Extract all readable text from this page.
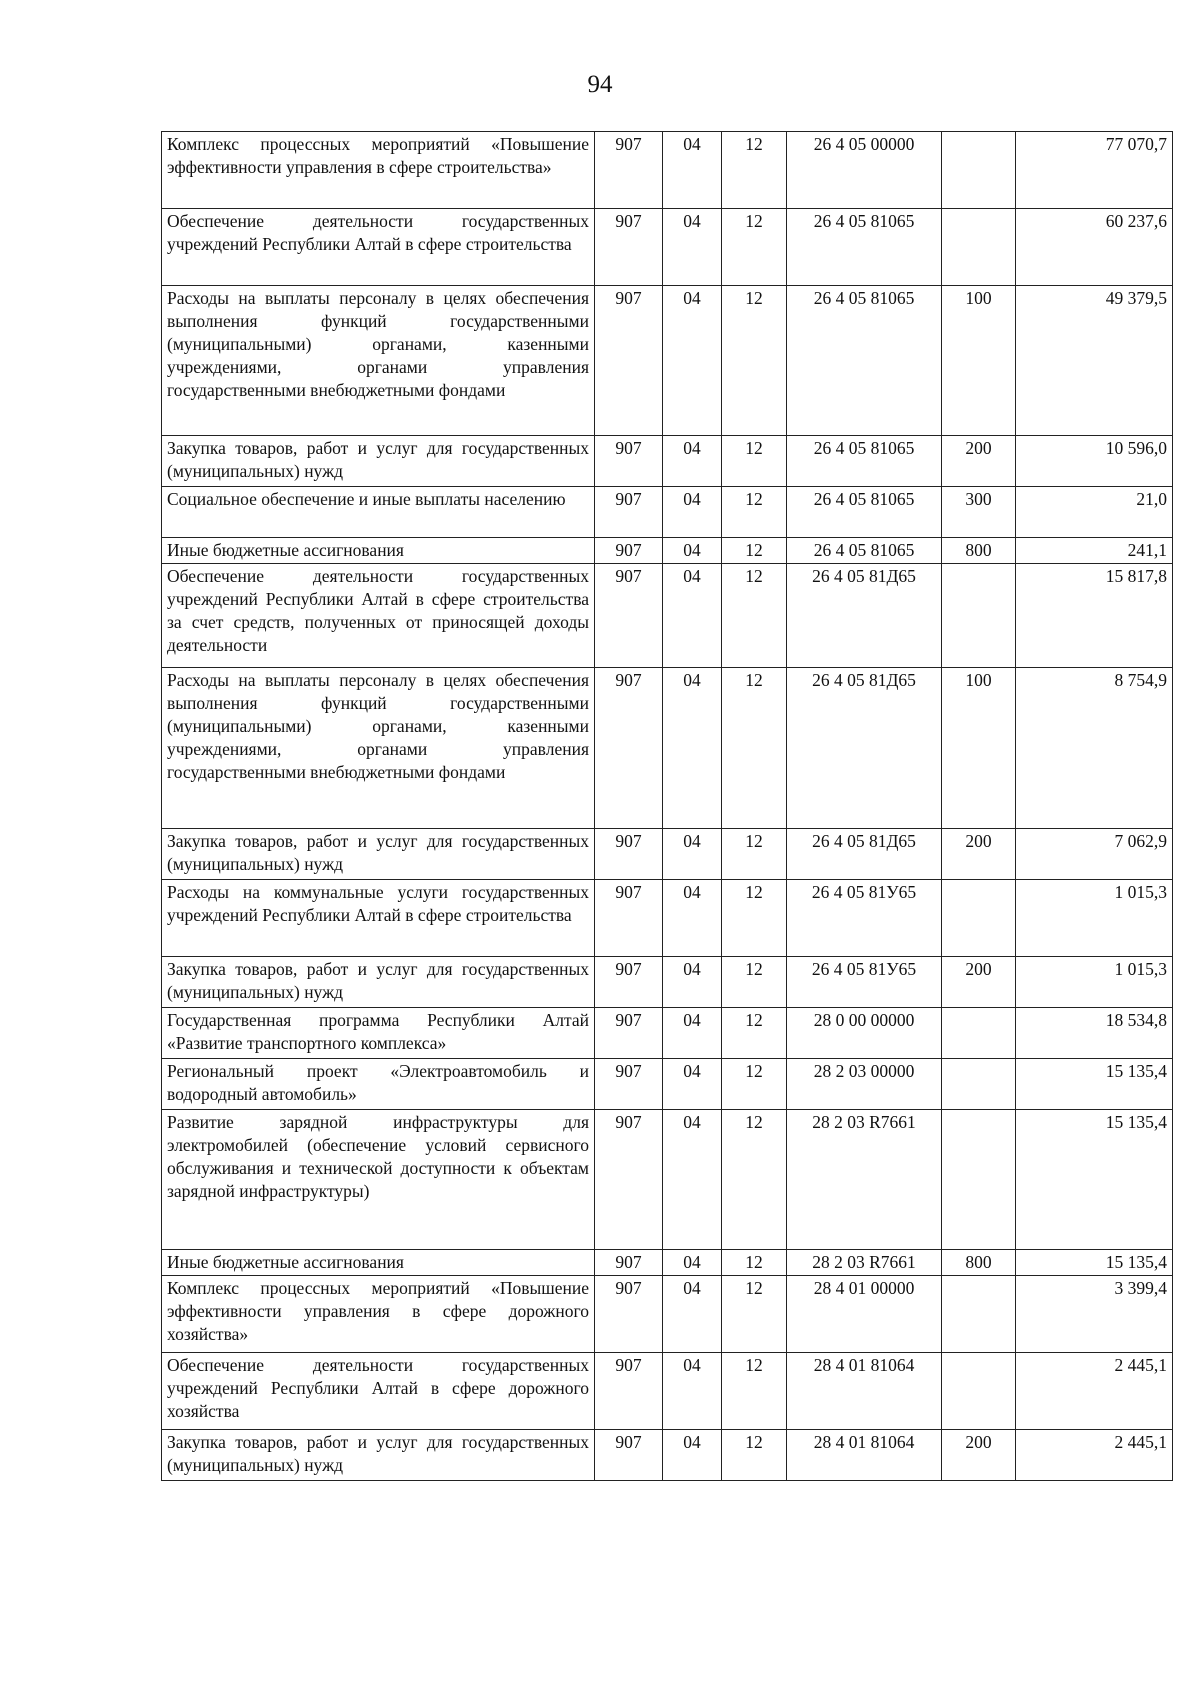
94
Комплекс процессных мероприятий «Повышение эффективности управления в сфере строительства»	907	04	12	26 4 05 00000		77 070,7
Обеспечение деятельности государственных учреждений Республики Алтай в сфере строительства	907	04	12	26 4 05 81065		60 237,6
Расходы на выплаты персоналу в целях обеспечения выполнения функций государственными (муниципальными) органами, казенными учреждениями, органами управления государственными внебюджетными фондами	907	04	12	26 4 05 81065	100	49 379,5
Закупка товаров, работ и услуг для государственных (муниципальных) нужд	907	04	12	26 4 05 81065	200	10 596,0
Социальное обеспечение и иные выплаты населению	907	04	12	26 4 05 81065	300	21,0
Иные бюджетные ассигнования	907	04	12	26 4 05 81065	800	241,1
Обеспечение деятельности государственных учреждений Республики Алтай в сфере строительства за счет средств, полученных от приносящей доходы деятельности	907	04	12	26 4 05 81Д65		15 817,8
Расходы на выплаты персоналу в целях обеспечения выполнения функций государственными (муниципальными) органами, казенными учреждениями, органами управления государственными внебюджетными фондами	907	04	12	26 4 05 81Д65	100	8 754,9
Закупка товаров, работ и услуг для государственных (муниципальных) нужд	907	04	12	26 4 05 81Д65	200	7 062,9
Расходы на коммунальные услуги государственных учреждений Республики Алтай в сфере строительства	907	04	12	26 4 05 81У65		1 015,3
Закупка товаров, работ и услуг для государственных (муниципальных) нужд	907	04	12	26 4 05 81У65	200	1 015,3
Государственная программа Республики Алтай «Развитие транспортного комплекса»	907	04	12	28 0 00 00000		18 534,8
Региональный проект «Электроавтомобиль и водородный автомобиль»	907	04	12	28 2 03 00000		15 135,4
Развитие зарядной инфраструктуры для электромобилей (обеспечение условий сервисного обслуживания и технической доступности к объектам зарядной инфраструктуры)	907	04	12	28 2 03 R7661		15 135,4
Иные бюджетные ассигнования	907	04	12	28 2 03 R7661	800	15 135,4
Комплекс процессных мероприятий «Повышение эффективности управления в сфере дорожного хозяйства»	907	04	12	28 4 01 00000		3 399,4
Обеспечение деятельности государственных учреждений Республики Алтай в сфере дорожного хозяйства	907	04	12	28 4 01 81064		2 445,1
Закупка товаров, работ и услуг для государственных (муниципальных) нужд	907	04	12	28 4 01 81064	200	2 445,1
